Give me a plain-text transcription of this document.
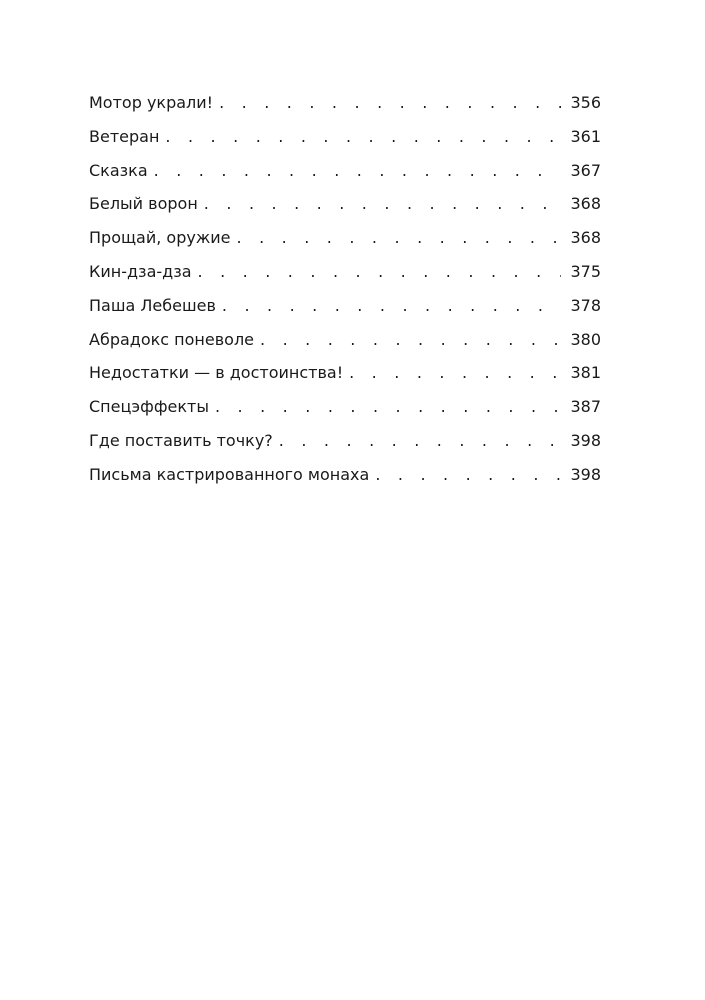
Мотор украли! . . .	356
Ветеран . . .	361
Сказка . . .	367
Белый ворон . . .	368
Прощай, оружие . . .	368
Кин-дза-дза . . .	375
Паша Лебешев . . .	378
Абрадокс поневоле . . .	380
Недостатки — в достоинства! . . .	381
Спецэффекты . . .	387
Где поставить точку? . . .	398
Письма кастрированного монаха . . .	398
